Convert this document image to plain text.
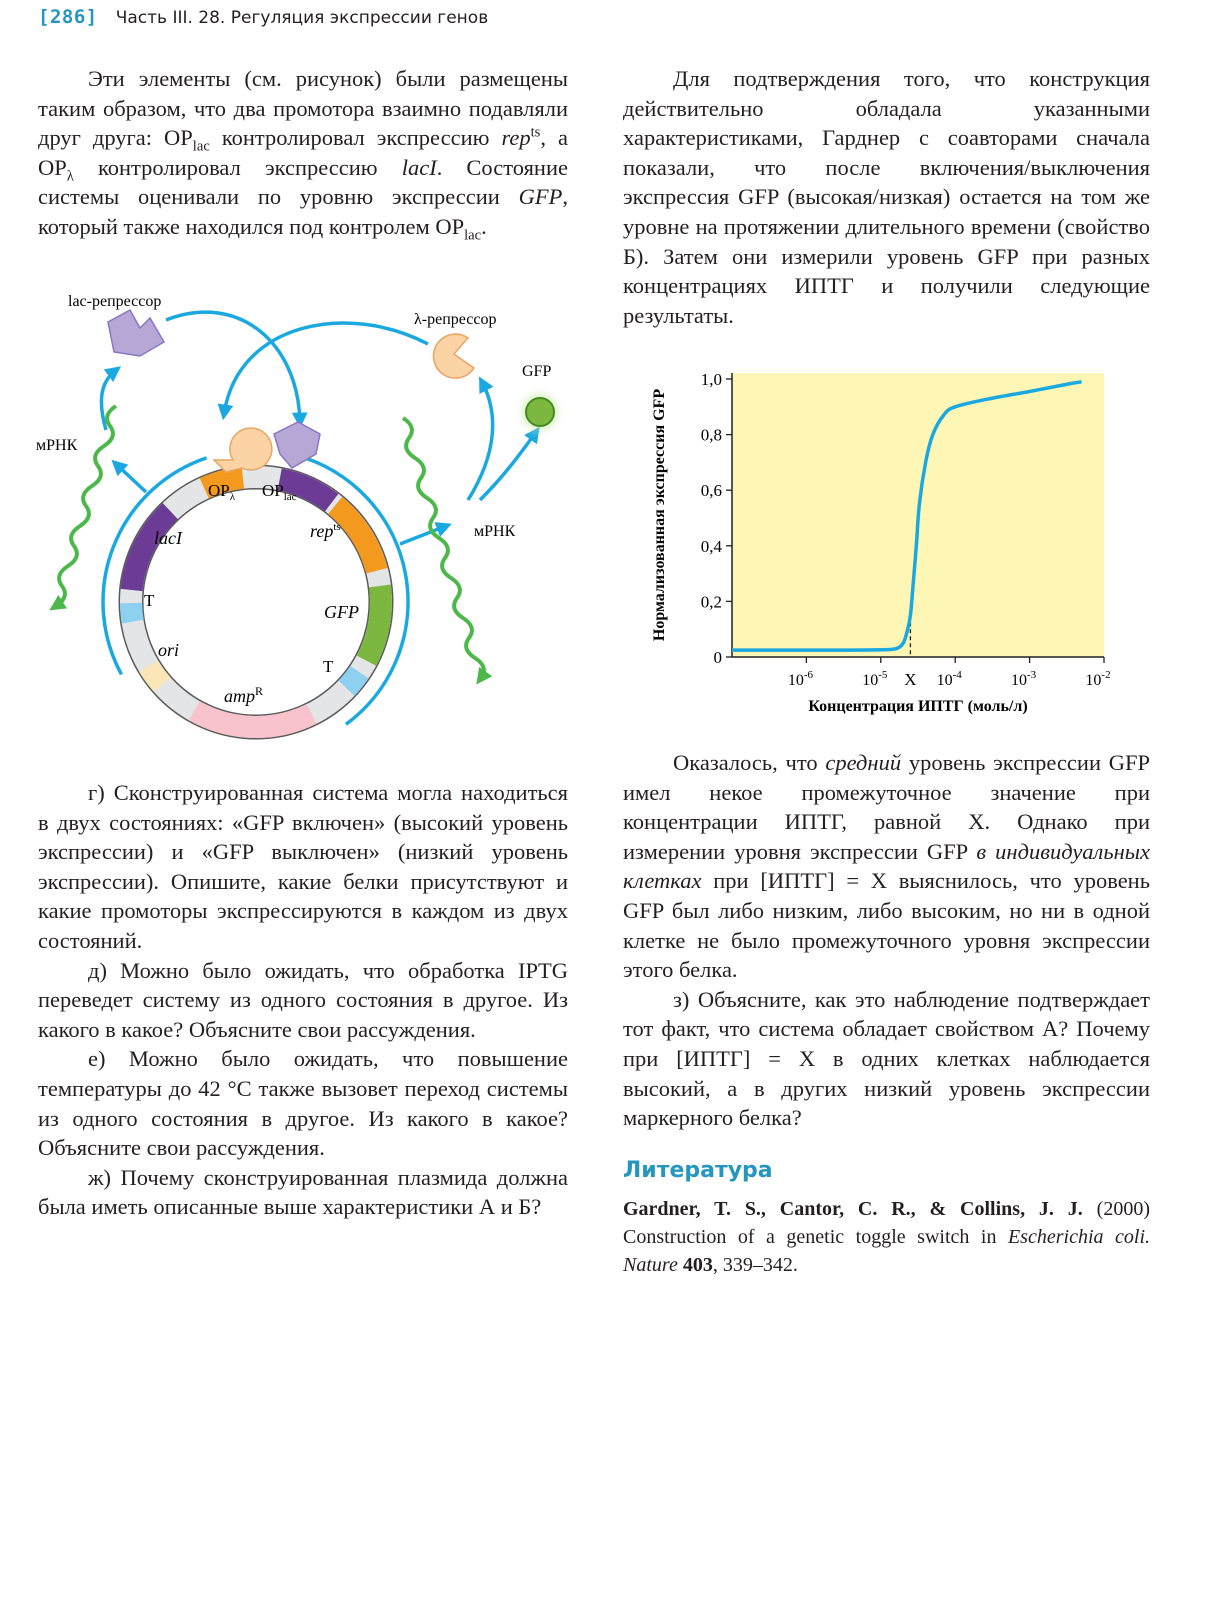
[286] Часть III. 28. Регуляция экспрессии генов

Эти элементы (см. рисунок) были размещены таким образом, что два промотора взаимно подавляли друг друга: $OP_{lac}$ контролировал экспрессию rep$^{ts}$, а $OP_\lambda$ контролировал экспрессию lacI. Состояние системы оценивали по уровню экспрессии GFP, который также находился под контролем $OP_{lac}$.

Для подтверждения того, что конструкция действительно обладала указанными характеристиками, Гарднер с соавторами сначала показали, что после включения/выключения экспрессия GFP (высокая/низкая) остается на том же уровне на протяжении длительного времени (свойство Б). Затем они измерили уровень GFP при разных концентрациях ИПТГ и получили следующие результаты.

lac-репрессор
λ-репрессор
GFP
мРНК
мРНК
$OP_\lambda$ $OP_{lac}$
lacI	rep$^{ts}$
GFP
T
T
ori
amp$^R$
0
0,2
0,4
0,6
0,8
1,0
$10^{-6}$	$10^{-5}$	$10^{-4}$	$10^{-3}$	$10^{-2}$
X
Концентрация ИПТГ (моль/л)
Нормализованная экспрессия GFP

г) Сконструированная система могла находиться в двух состояниях: «GFP включен» (высокий уровень экспрессии) и «GFP выключен» (низкий уровень экспрессии). Опишите, какие белки присутствуют и какие промоторы экспрессируются в каждом из двух состояний.

д) Можно было ожидать, что обработка IPTG переведет систему из одного состояния в другое. Из какого в какое? Объясните свои рассуждения.

е) Можно было ожидать, что повышение температуры до 42 °C также вызовет переход системы из одного состояния в другое. Из какого в какое? Объясните свои рассуждения.

ж) Почему сконструированная плазмида должна была иметь описанные выше характеристики А и Б?

Оказалось, что средний уровень экспрессии GFP имел некое промежуточное значение при концентрации ИПТГ, равной X. Однако при измерении уровня экспрессии GFP в индивидуальных клетках при [ИПТГ] = X выяснилось, что уровень GFP был либо низким, либо высоким, но ни в одной клетке не было промежуточного уровня экспрессии этого белка.

з) Объясните, как это наблюдение подтверждает тот факт, что система обладает свойством А? Почему при [ИПТГ] = X в одних клетках наблюдается высокий, а в других низкий уровень экспрессии маркерного белка?

Литература
Gardner, T. S., Cantor, C. R., & Collins, J. J. (2000) Construction of a genetic toggle switch in Escherichia coli. Nature 403, 339–342.
